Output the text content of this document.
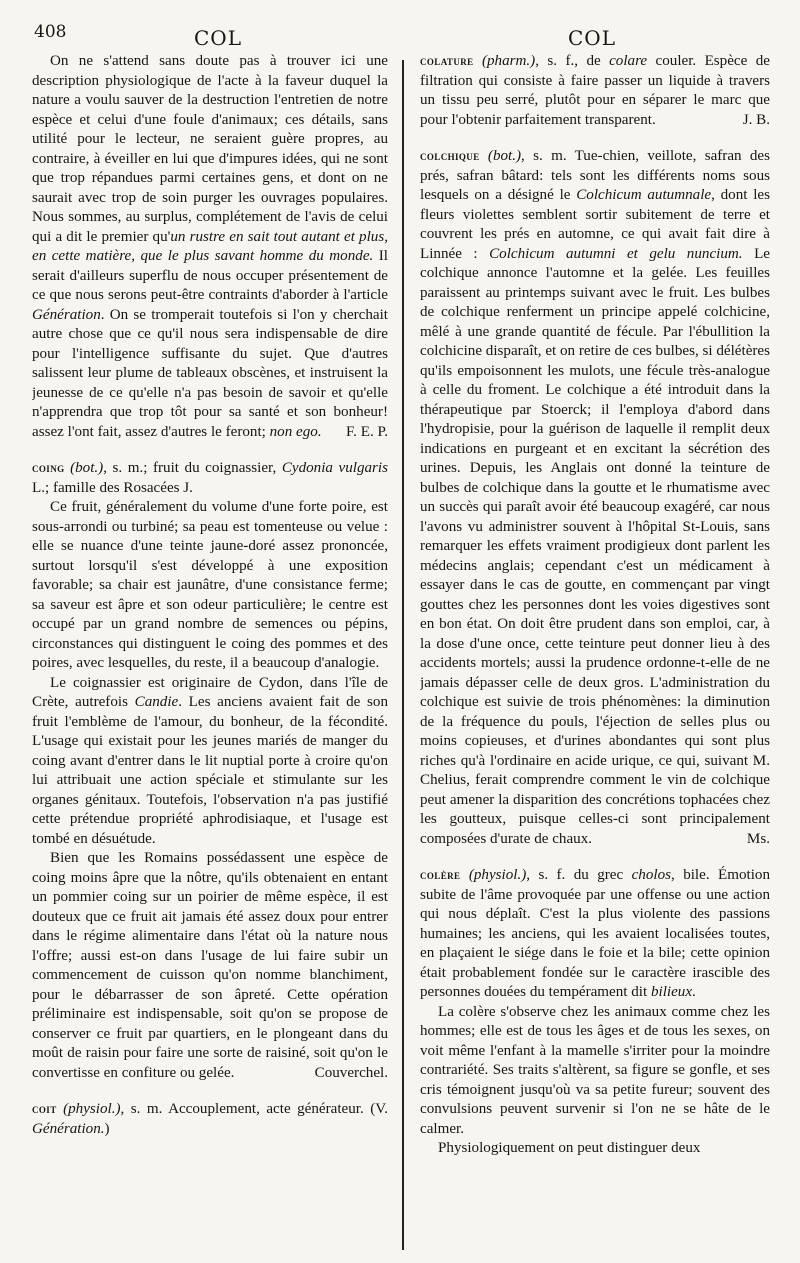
408	COL	COL

On ne s'attend sans doute pas à trouver ici une description physiologique de l'acte à la faveur duquel la nature a voulu sauver de la destruction l'entretien de notre espèce et celui d'une foule d'animaux; ces détails, sans utilité pour le lecteur, ne seraient guère propres, au contraire, à éveiller en lui que d'impures idées, qui ne sont que trop répandues parmi certaines gens, et dont on ne saurait avec trop de soin purger les ouvrages populaires. Nous sommes, au surplus, complétement de l'avis de celui qui a dit le premier qu'un rustre en sait tout autant et plus, en cette matière, que le plus savant homme du monde. Il serait d'ailleurs superflu de nous occuper présentement de ce que nous serons peut-être contraints d'aborder à l'article Génération. On se tromperait toutefois si l'on y cherchait autre chose que ce qu'il nous sera indispensable de dire pour l'intelligence suffisante du sujet. Que d'autres salissent leur plume de tableaux obscènes, et instruisent la jeunesse de ce qu'elle n'a pas besoin de savoir et qu'elle n'apprendra que trop tôt pour sa santé et son bonheur! assez l'ont fait, assez d'autres le feront; non ego.	F. E. P.

coing (bot.), s. m.; fruit du coignassier, Cydonia vulgaris L.; famille des Rosacées J.

Ce fruit, généralement du volume d'une forte poire, est sous-arrondi ou turbiné; sa peau est tomenteuse ou velue : elle se nuance d'une teinte jaune-doré assez prononcée, surtout lorsqu'il s'est développé à une exposition favorable; sa chair est jaunâtre, d'une consistance ferme; sa saveur est âpre et son odeur particulière; le centre est occupé par un grand nombre de semences ou pépins, circonstances qui distinguent le coing des pommes et des poires, avec lesquelles, du reste, il a beaucoup d'analogie.

Le coignassier est originaire de Cydon, dans l'île de Crète, autrefois Candie. Les anciens avaient fait de son fruit l'emblème de l'amour, du bonheur, de la fécondité. L'usage qui existait pour les jeunes mariés de manger du coing avant d'entrer dans le lit nuptial porte à croire qu'on lui attribuait une action spéciale et stimulante sur les organes génitaux. Toutefois, l'observation n'a pas justifié cette prétendue propriété aphrodisiaque, et l'usage est tombé en désuétude.

Bien que les Romains possédassent une espèce de coing moins âpre que la nôtre, qu'ils obtenaient en entant un pommier coing sur un poirier de même espèce, il est douteux que ce fruit ait jamais été assez doux pour entrer dans le régime alimentaire dans l'état où la nature nous l'offre; aussi est-on dans l'usage de lui faire subir un commencement de cuisson qu'on nomme blanchiment, pour le débarrasser de son âpreté. Cette opération préliminaire est indispensable, soit qu'on se propose de conserver ce fruit par quartiers, en le plongeant dans du moût de raisin pour faire une sorte de raisiné, soit qu'on le convertisse en confiture ou gelée.	Couverchel.

coit (physiol.), s. m. Accouplement, acte générateur. (V. Génération.)

colature (pharm.), s. f., de colare couler. Espèce de filtration qui consiste à faire passer un liquide à travers un tissu peu serré, plutôt pour en séparer le marc que pour l'obtenir parfaitement transparent.	J. B.

colchique (bot.), s. m. Tue-chien, veillote, safran des prés, safran bâtard: tels sont les différents noms sous lesquels on a désigné le Colchicum autumnale, dont les fleurs violettes semblent sortir subitement de terre et couvrent les prés en automne, ce qui avait fait dire à Linnée : Colchicum autumni et gelu nuncium. Le colchique annonce l'automne et la gelée. Les feuilles paraissent au printemps suivant avec le fruit. Les bulbes de colchique renferment un principe appelé colchicine, mêlé à une grande quantité de fécule. Par l'ébullition la colchicine disparaît, et on retire de ces bulbes, si délétères qu'ils empoisonnent les mulots, une fécule très-analogue à celle du froment. Le colchique a été introduit dans la thérapeutique par Stoerck; il l'employa d'abord dans l'hydropisie, pour la guérison de laquelle il remplit deux indications en purgeant et en excitant la sécrétion des urines. Depuis, les Anglais ont donné la teinture de bulbes de colchique dans la goutte et le rhumatisme avec un succès qui paraît avoir été beaucoup exagéré, car nous l'avons vu administrer souvent à l'hôpital St-Louis, sans remarquer les effets vraiment prodigieux dont parlent les médecins anglais; cependant c'est un médicament à essayer dans le cas de goutte, en commençant par vingt gouttes chez les personnes dont les voies digestives sont en bon état. On doit être prudent dans son emploi, car, à la dose d'une once, cette teinture peut donner lieu à des accidents mortels; aussi la prudence ordonne-t-elle de ne jamais dépasser celle de deux gros. L'administration du colchique est suivie de trois phénomènes: la diminution de la fréquence du pouls, l'éjection de selles plus ou moins copieuses, et d'urines abondantes qui sont plus riches qu'à l'ordinaire en acide urique, ce qui, suivant M. Chelius, ferait comprendre comment le vin de colchique peut amener la disparition des concrétions tophacées chez les goutteux, puisque celles-ci sont principalement composées d'urate de chaux.	Ms.

colère (physiol.), s. f. du grec cholos, bile. Émotion subite de l'âme provoquée par une offense ou une action qui nous déplaît. C'est la plus violente des passions humaines; les anciens, qui les avaient localisées toutes, en plaçaient le siége dans le foie et la bile; cette opinion était probablement fondée sur le caractère irascible des personnes douées du tempérament dit bilieux.

La colère s'observe chez les animaux comme chez les hommes; elle est de tous les âges et de tous les sexes, on voit même l'enfant à la mamelle s'irriter pour la moindre contrariété. Ses traits s'altèrent, sa figure se gonfle, et ses cris témoignent jusqu'où va sa petite fureur; souvent des convulsions peuvent survenir si l'on ne se hâte de le calmer.

Physiologiquement on peut distinguer deux
